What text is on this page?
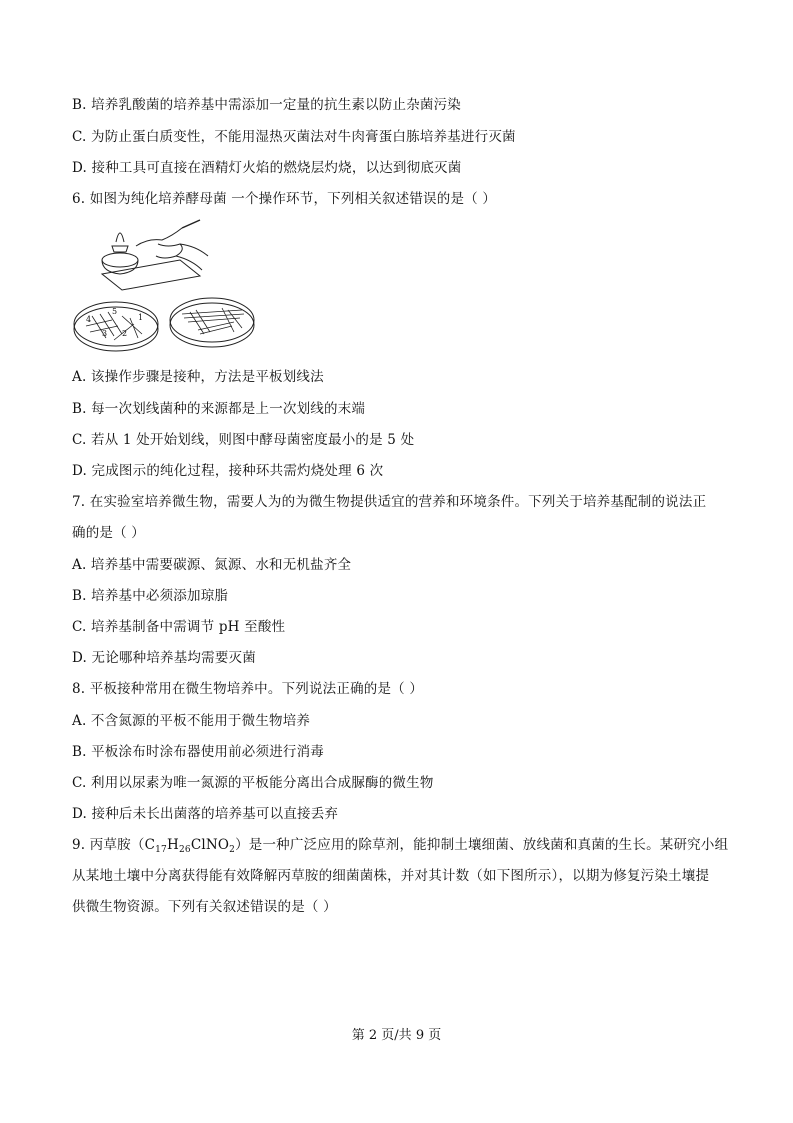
B. 培养乳酸菌的培养基中需添加一定量的抗生素以防止杂菌污染
C. 为防止蛋白质变性，不能用湿热灭菌法对牛肉膏蛋白胨培养基进行灭菌
D. 接种工具可直接在酒精灯火焰的燃烧层灼烧，以达到彻底灭菌
6. 如图为纯化培养酵母菌 一个操作环节，下列相关叙述错误的是（ ）
4
5
1
3 2
A. 该操作步骤是接种，方法是平板划线法
B. 每一次划线菌种的来源都是上一次划线的末端
C. 若从 1 处开始划线，则图中酵母菌密度最小的是 5 处
D. 完成图示的纯化过程，接种环共需灼烧处理 6 次
7. 在实验室培养微生物，需要人为的为微生物提供适宜的营养和环境条件。下列关于培养基配制的说法正
确的是（ ）
A. 培养基中需要碳源、氮源、水和无机盐齐全
B. 培养基中必须添加琼脂
C. 培养基制备中需调节 pH 至酸性
D. 无论哪种培养基均需要灭菌
8. 平板接种常用在微生物培养中。下列说法正确的是（ ）
A. 不含氮源的平板不能用于微生物培养
B. 平板涂布时涂布器使用前必须进行消毒
C. 利用以尿素为唯一氮源的平板能分离出合成脲酶的微生物
D. 接种后未长出菌落的培养基可以直接丢弃
9. 丙草胺$(C_{17}H_{26}ClNO_2)$是一种广泛应用的除草剂，能抑制土壤细菌、放线菌和真菌的生长。某研究小组
从某地土壤中分离获得能有效降解丙草胺的细菌菌株，并对其计数（如下图所示），以期为修复污染土壤提
供微生物资源。下列有关叙述错误的是（ ）
第 2 页/共 9 页
